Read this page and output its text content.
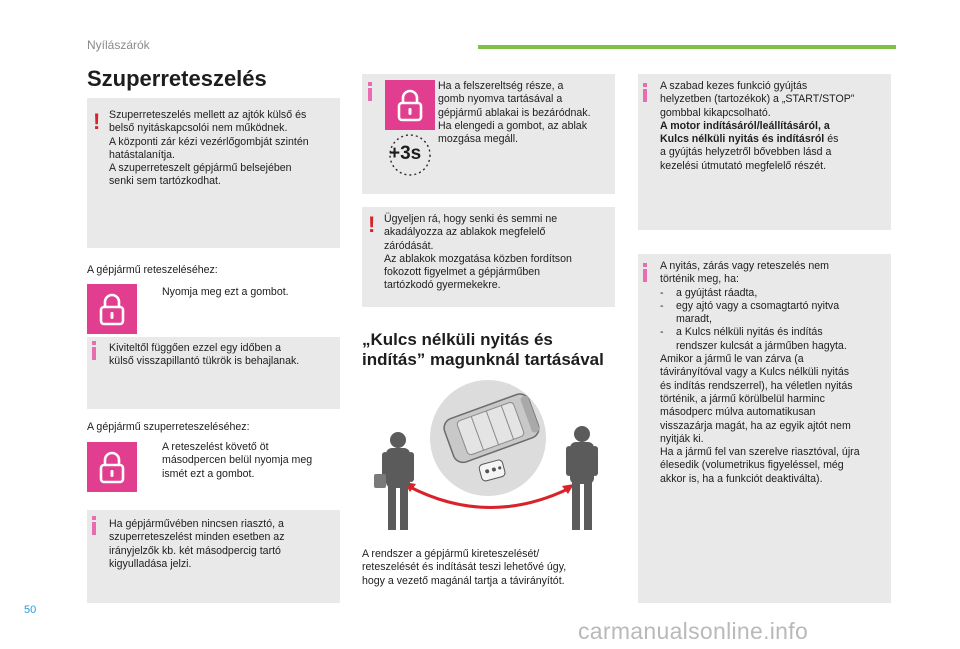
Nyílászárók
Szuperreteszelés
! Szuperreteszelés mellett az ajtók külső és

belső nyitáskapcsolói nem működnek.

A központi zár kézi vezérlőgombját szintén

hatástalanítja.

A szuperreteszelt gépjármű belsejében

senki sem tartózkodhat.

A gépjármű reteszeléséhez:
Nyomja meg ezt a gombot.

Kiviteltől függően ezzel egy időben a

külső visszapillantó tükrök is behajlanak.

A gépjármű szuperreteszeléséhez:

A reteszelést követő öt

másodpercen belül nyomja meg

ismét ezt a gombot.

Ha gépjárművében nincsen riasztó, a

szuperreteszelést minden esetben az

irányjelzők kb. két másodpercig tartó

kigyulladása jelzi.

+3s

Ha a felszereltség része, a

gomb nyomva tartásával a

gépjármű ablakai is bezáródnak.

Ha elengedi a gombot, az ablak

mozgása megáll.

! Ügyeljen rá, hogy senki és semmi ne

akadályozza az ablakok megfelelő

záródását.

Az ablakok mozgatása közben fordítson

fokozott figyelmet a gépjárműben

tartózkodó gyermekekre.

„Kulcs nélküli nyitás és

indítás” magunknál tartásával

A rendszer a gépjármű kireteszelését/

reteszelését és indítását teszi lehetővé úgy,

hogy a vezető magánál tartja a távirányítót.

A szabad kezes funkció gyújtás

helyzetben (tartozékok) a „START/STOP”

gombbal kikapcsolható.

A motor indításáról/leállításáról, a

Kulcs nélküli nyitás és indításról és

a gyújtás helyzetről bővebben lásd a

kezelési útmutató megfelelő részét.

A nyitás, zárás vagy reteszelés nem

történik meg, ha:

-	a gyújtást ráadta,

-	egy ajtó vagy a csomagtartó nyitva

maradt,

-	a Kulcs nélküli nyitás és indítás

rendszer kulcsát a járműben hagyta.

Amikor a jármű le van zárva (a

távirányítóval vagy a Kulcs nélküli nyitás

és indítás rendszerrel), ha véletlen nyitás

történik, a jármű körülbelül harminc

másodperc múlva automatikusan

visszazárja magát, ha az egyik ajtót nem

nyitják ki.

Ha a jármű fel van szerelve riasztóval, újra

élesedik (volumetrikus figyeléssel, még

akkor is, ha a funkciót deaktiválta).

50
carmanualsonline.info
